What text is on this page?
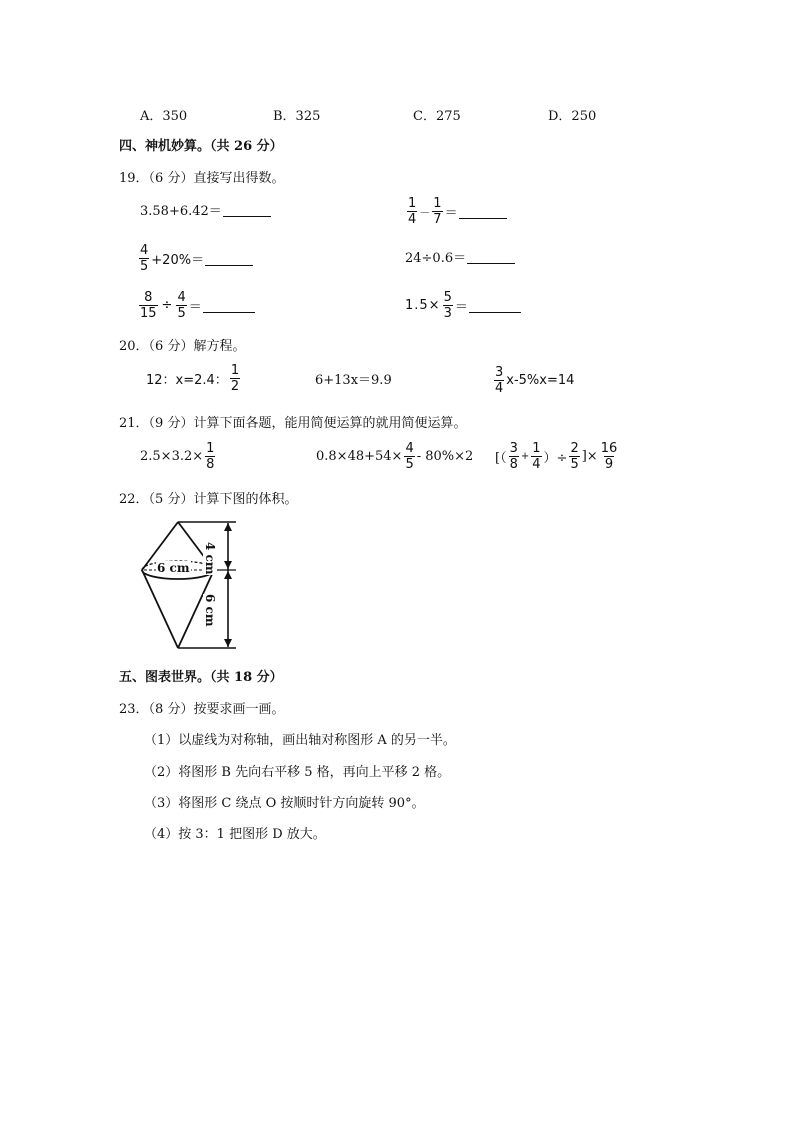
A．350	B．325	C．275	D．250
四、神机妙算。（共 26 分）
19．（6 分）直接写出得数。
3.58+6.42＝	$\frac{1}{4} - \frac{1}{7}$ ＝
$\frac{4}{5} +20\%=$	24÷0.6＝
$\frac{8}{15} \div \frac{4}{5}$ ＝	$1.5\times \frac{5}{3}$ ＝
20．（6 分）解方程。
12：x=2.4： $\frac{1}{2}$	6+13x＝9.9	$\frac{3}{4} x-5\%x=14$
21．（9 分）计算下面各题，能用简便运算的就用简便运算。
$2.5\times 3.2\times \frac{1}{8}$	$0.8\times 48+54\times \frac{4}{5} - 80\%\times 2$ [（ $\frac{3}{8} + \frac{1}{4}$ ）÷ $\frac{2}{5}$ ]× $\frac{16}{9}$
22．（5 分）计算下图的体积。
6 cm 4 cm
6 cm
五、图表世界。（共 18 分）
23．（8 分）按要求画一画。
（1）以虚线为对称轴，画出轴对称图形 A 的另一半。
（2）将图形 B 先向右平移 5 格，再向上平移 2 格。
（3）将图形 C 绕点 O 按顺时针方向旋转 90°。
（4）按 3：1 把图形 D 放大。
